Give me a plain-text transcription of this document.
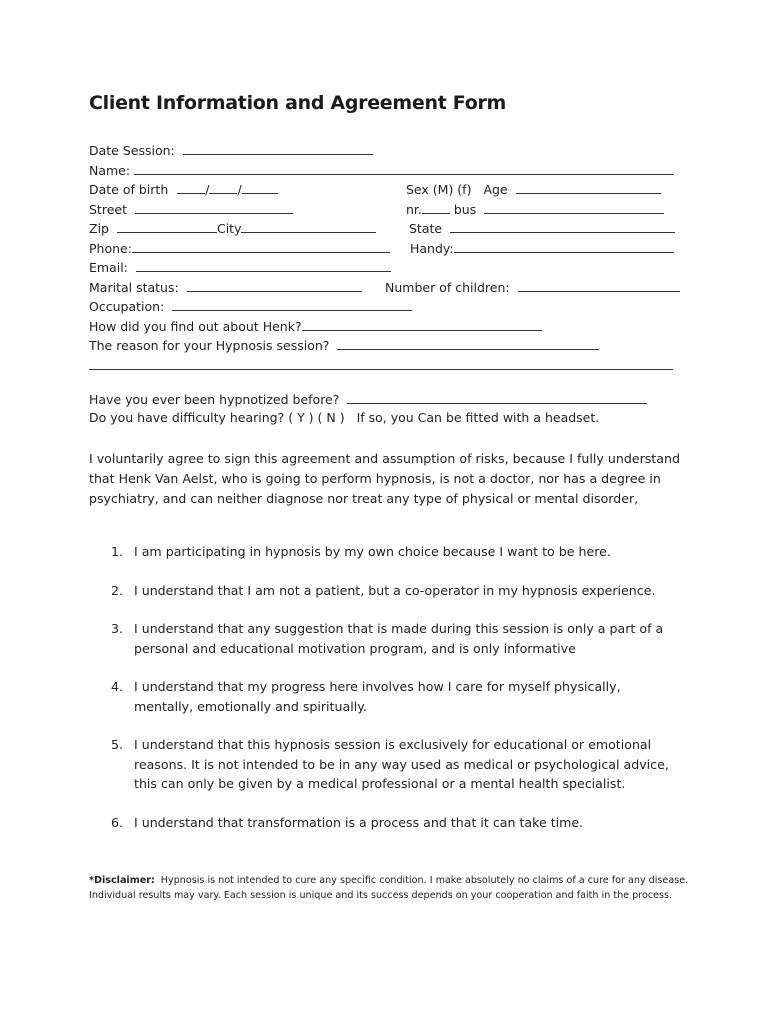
Client Information and Agreement Form
Date Session:
Name:
Date of birth	/ /	Sex (M) (f) Age
Street	nr.	bus
Zip	City	State
Phone:	Handy:
Email:
Marital status:	Number of children:
Occupation:
How did you find out about Henk?
The reason for your Hypnosis session?
Have you ever been hypnotized before?
Do you have difficulty hearing? ( Y ) ( N ) If so, you Can be fitted with a headset.

I voluntarily agree to sign this agreement and assumption of risks, because I fully understand that Henk Van Aelst, who is going to perform hypnosis, is not a doctor, nor has a degree in psychiatry, and can neither diagnose nor treat any type of physical or mental disorder,

1. I am participating in hypnosis by my own choice because I want to be here.
2. I understand that I am not a patient, but a co-operator in my hypnosis experience.
3. I understand that any suggestion that is made during this session is only a part of a personal and educational motivation program, and is only informative
4. I understand that my progress here involves how I care for myself physically, mentally, emotionally and spiritually.
5. I understand that this hypnosis session is exclusively for educational or emotional reasons. It is not intended to be in any way used as medical or psychological advice, this can only be given by a medical professional or a mental health specialist.
6. I understand that transformation is a process and that it can take time.

*Disclaimer: Hypnosis is not intended to cure any specific condition. I make absolutely no claims of a cure for any disease. Individual results may vary. Each session is unique and its success depends on your cooperation and faith in the process.
